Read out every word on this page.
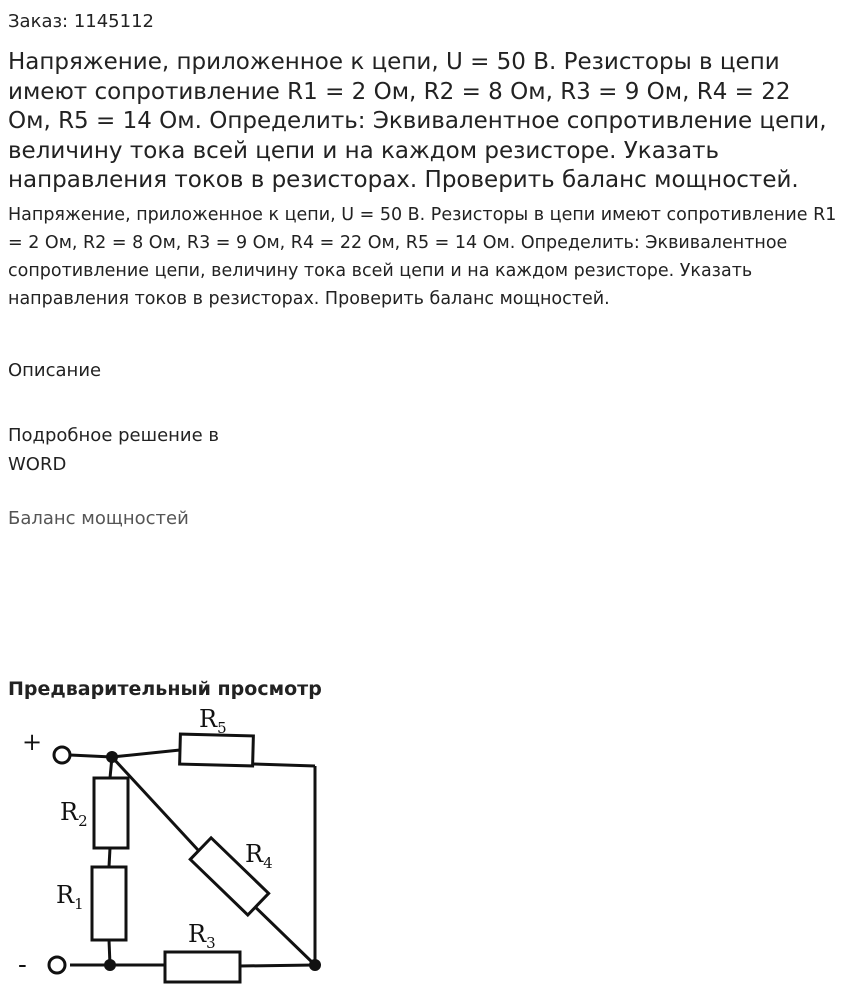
Заказ: 1145112
Напряжение, приложенное к цепи, U = 50 В. Резисторы в цепи имеют сопротивление R1 = 2 Ом, R2 = 8 Ом, R3 = 9 Ом, R4 = 22 Ом, R5 = 14 Ом. Определить: Эквивалентное сопротивление цепи, величину тока всей цепи и на каждом резисторе. Указать направления токов в резисторах. Проверить баланс мощностей.

Напряжение, приложенное к цепи, U = 50 В. Резисторы в цепи имеют сопротивление R1 = 2 Ом, R2 = 8 Ом, R3 = 9 Ом, R4 = 22 Ом, R5 = 14 Ом. Определить: Эквивалентное сопротивление цепи, величину тока всей цепи и на каждом резисторе. Указать направления токов в резисторах. Проверить баланс мощностей.

Описание
Подробное решение в WORD
Баланс мощностей
Предварительный просмотр
+
-
$R_5$
$R_2$
$R_1$
$R_4$
$R_3$
